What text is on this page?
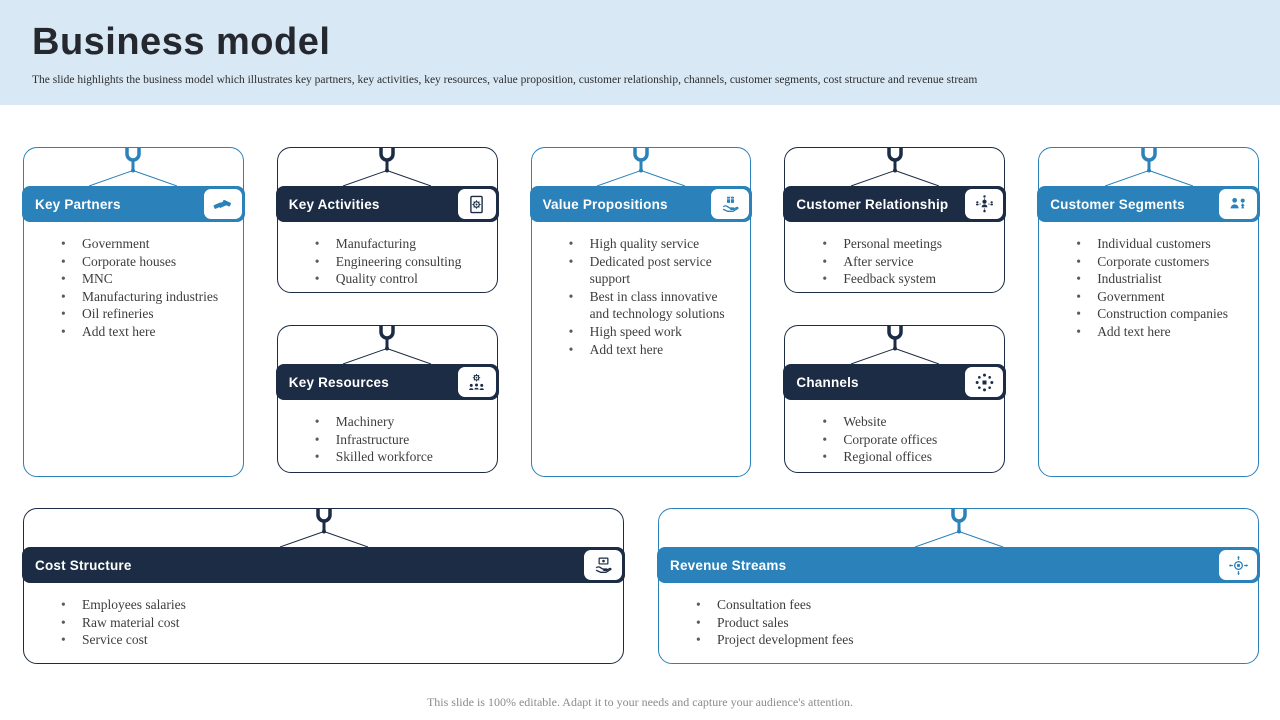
Business model
The slide highlights the business model which illustrates key partners, key activities, key resources, value proposition, customer relationship, channels, customer segments, cost structure and revenue stream
Key Partners
• Government
• Corporate houses
• MNC
• Manufacturing industries
• Oil refineries
• Add text here
Key Activities
• Manufacturing
• Engineering consulting
• Quality control
Key Resources
• Machinery
• Infrastructure
• Skilled workforce
Value Propositions
• High quality service
• Dedicated post service support
• Best in class innovative and technology solutions
• High speed work
• Add text here
Customer Relationship
• Personal meetings
• After service
• Feedback system
Channels
• Website
• Corporate offices
• Regional offices
Customer Segments
• Individual customers
• Corporate customers
• Industrialist
• Government
• Construction companies
• Add text here
Cost Structure
• Employees salaries
• Raw material cost
• Service cost
Revenue Streams
• Consultation fees
• Product sales
• Project development fees
This slide is 100% editable. Adapt it to your needs and capture your audience's attention.
